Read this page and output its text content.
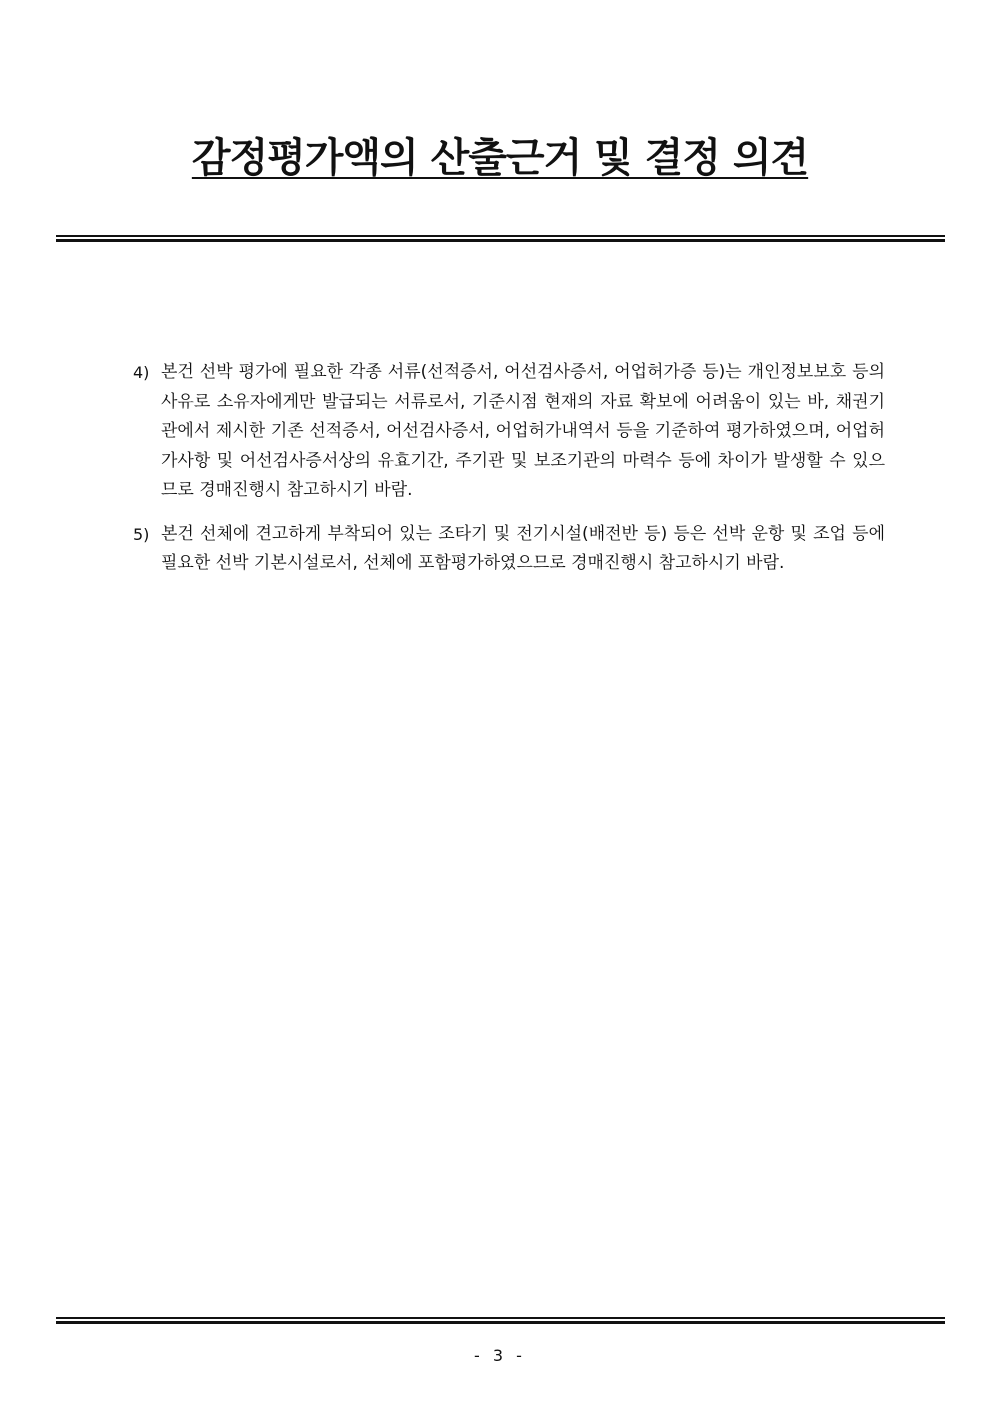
감정평가액의 산출근거 및 결정 의견
4) 본건 선박 평가에 필요한 각종 서류(선적증서, 어선검사증서, 어업허가증 등)는 개인정보보호 등의 사유로 소유자에게만 발급되는 서류로서, 기준시점 현재의 자료 확보에 어려움이 있는 바, 채권기관에서 제시한 기존 선적증서, 어선검사증서, 어업허가내역서 등을 기준하여 평가하였으며, 어업허가사항 및 어선검사증서상의 유효기간, 주기관 및 보조기관의 마력수 등에 차이가 발생할 수 있으므로 경매진행시 참고하시기 바람.
5) 본건 선체에 견고하게 부착되어 있는 조타기 및 전기시설(배전반 등) 등은 선박 운항 및 조업 등에 필요한 선박 기본시설로서, 선체에 포함평가하였으므로 경매진행시 참고하시기 바람.
- 3 -
